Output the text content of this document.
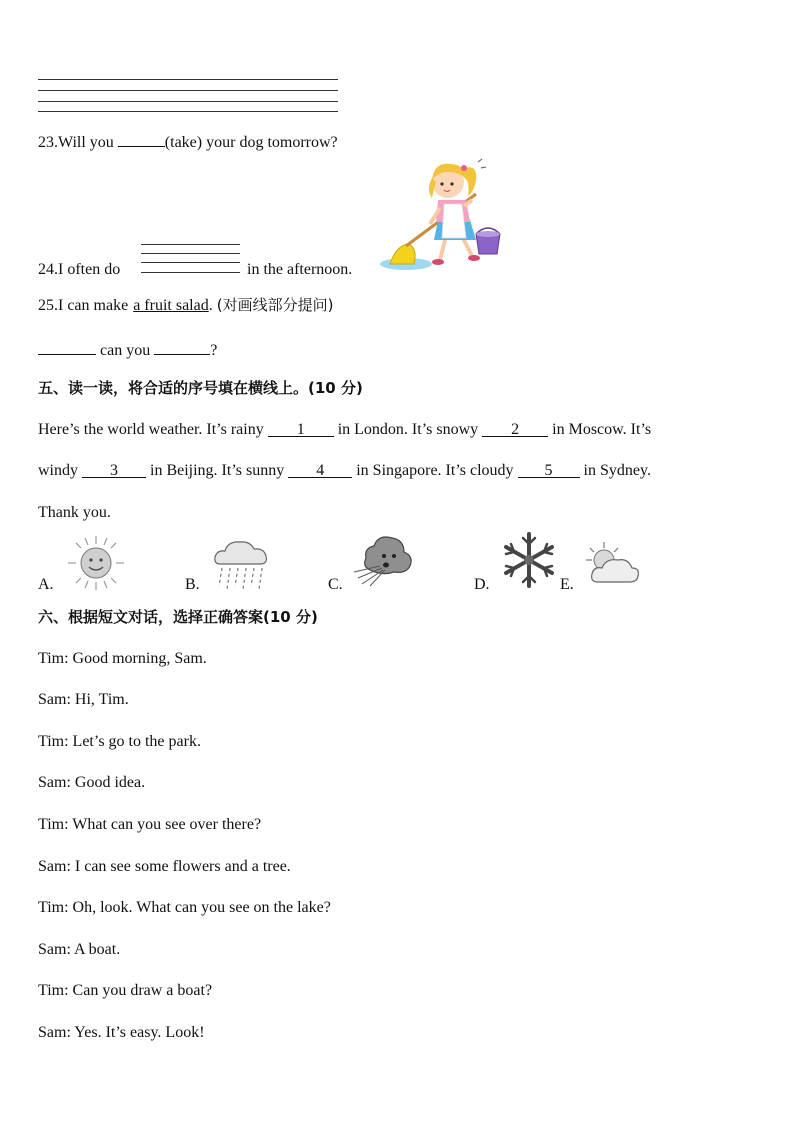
23.Will you	(take) your dog tomorrow?
24.I often do	in the afternoon.
25.I can make a fruit salad. (对画线部分提问)
can you	?
五、读一读，将合适的序号填在横线上。(10 分)
Here’s the world weather. It’s rainy 1 in London. It’s snowy 2 in Moscow. It’s
windy 3 in Beijing. It’s sunny 4 in Singapore. It’s cloudy 5 in Sydney.
Thank you.
A.	B.	C.	D.	E.
六、根据短文对话，选择正确答案(10 分)
Tim: Good morning, Sam.
Sam: Hi, Tim.
Tim: Let’s go to the park.
Sam: Good idea.
Tim: What can you see over there?
Sam: I can see some flowers and a tree.
Tim: Oh, look. What can you see on the lake?
Sam: A boat.
Tim: Can you draw a boat?
Sam: Yes. It’s easy. Look!
